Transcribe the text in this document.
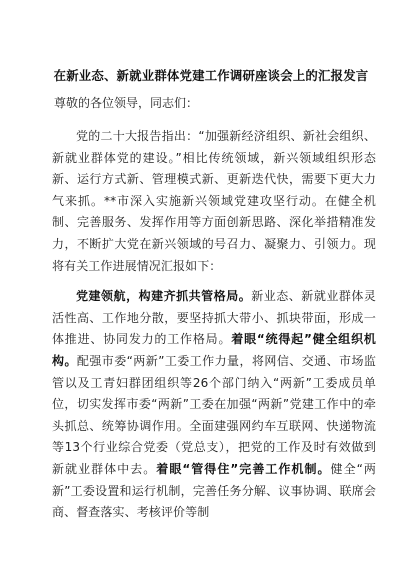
在新业态、新就业群体党建工作调研座谈会上的汇报发言
尊敬的各位领导，同志们：

党的二十大报告指出：“加强新经济组织、新社会组织、新就业群体党的建设。”相比传统领域，新兴领域组织形态新、运行方式新、管理模式新、更新迭代快，需要下更大力气来抓。**市深入实施新兴领域党建攻坚行动。在健全机制、完善服务、发挥作用等方面创新思路、深化举措精准发力，不断扩大党在新兴领域的号召力、凝聚力、引领力。现将有关工作进展情况汇报如下：

党建领航，构建齐抓共管格局。新业态、新就业群体灵活性高、工作地分散，要坚持抓大带小、抓块带面，形成一体推进、协同发力的工作格局。着眼“统得起”健全组织机构。配强市委“两新”工委工作力量，将网信、交通、市场监管以及工青妇群团组织等26个部门纳入“两新”工委成员单位，切实发挥市委“两新”工委在加强“两新”党建工作中的牵头抓总、统筹协调作用。全面建强网约车互联网、快递物流等13个行业综合党委（党总支），把党的工作及时有效做到新就业群体中去。着眼“管得住”完善工作机制。健全“两新”工委设置和运行机制，完善任务分解、议事协调、联席会商、督查落实、考核评价等制
